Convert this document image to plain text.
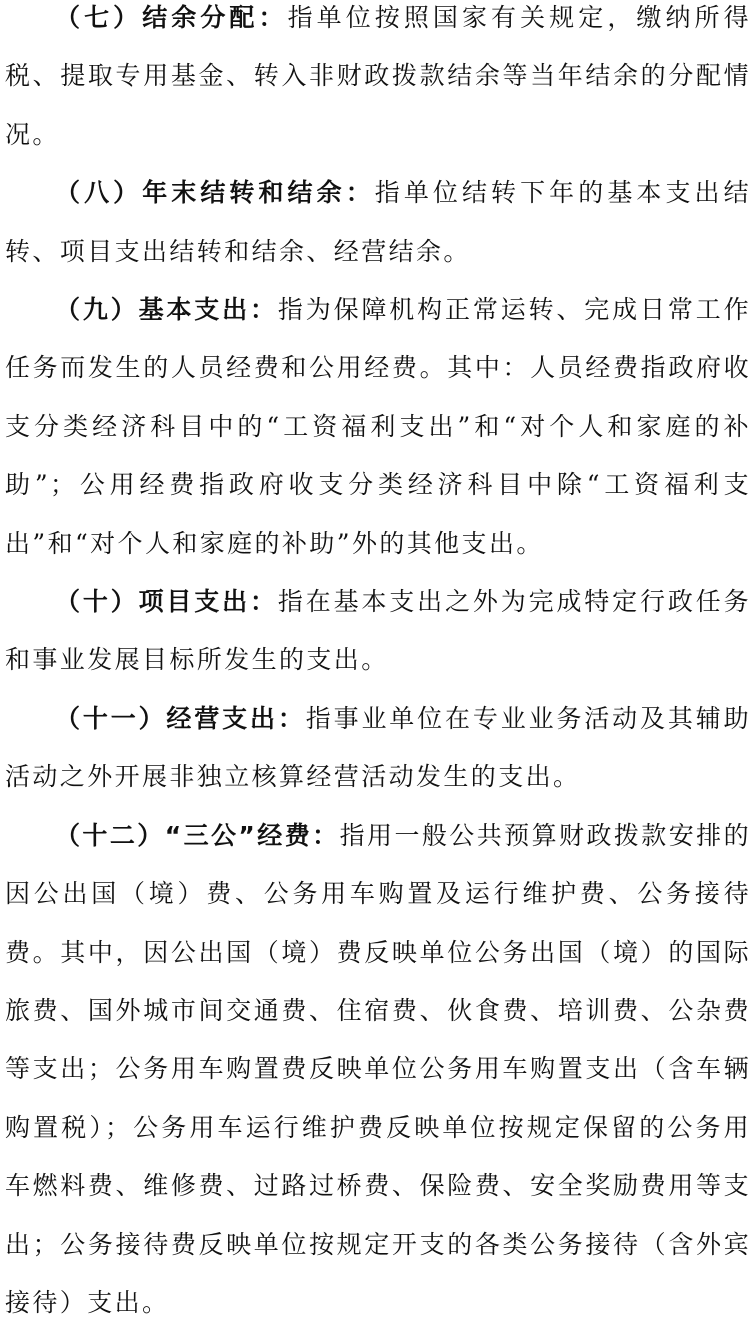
（七）结余分配：指单位按照国家有关规定，缴纳所得税、提取专用基金、转入非财政拨款结余等当年结余的分配情况。

（八）年末结转和结余：指单位结转下年的基本支出结转、项目支出结转和结余、经营结余。

（九）基本支出：指为保障机构正常运转、完成日常工作任务而发生的人员经费和公用经费。其中：人员经费指政府收支分类经济科目中的“工资福利支出”和“对个人和家庭的补助”；公用经费指政府收支分类经济科目中除“工资福利支出”和“对个人和家庭的补助”外的其他支出。

（十）项目支出：指在基本支出之外为完成特定行政任务和事业发展目标所发生的支出。

（十一）经营支出：指事业单位在专业业务活动及其辅助活动之外开展非独立核算经营活动发生的支出。

（十二）“三公”经费：指用一般公共预算财政拨款安排的因公出国（境）费、公务用车购置及运行维护费、公务接待费。其中，因公出国（境）费反映单位公务出国（境）的国际旅费、国外城市间交通费、住宿费、伙食费、培训费、公杂费等支出；公务用车购置费反映单位公务用车购置支出（含车辆购置税）；公务用车运行维护费反映单位按规定保留的公务用车燃料费、维修费、过路过桥费、保险费、安全奖励费用等支出；公务接待费反映单位按规定开支的各类公务接待（含外宾接待）支出。
